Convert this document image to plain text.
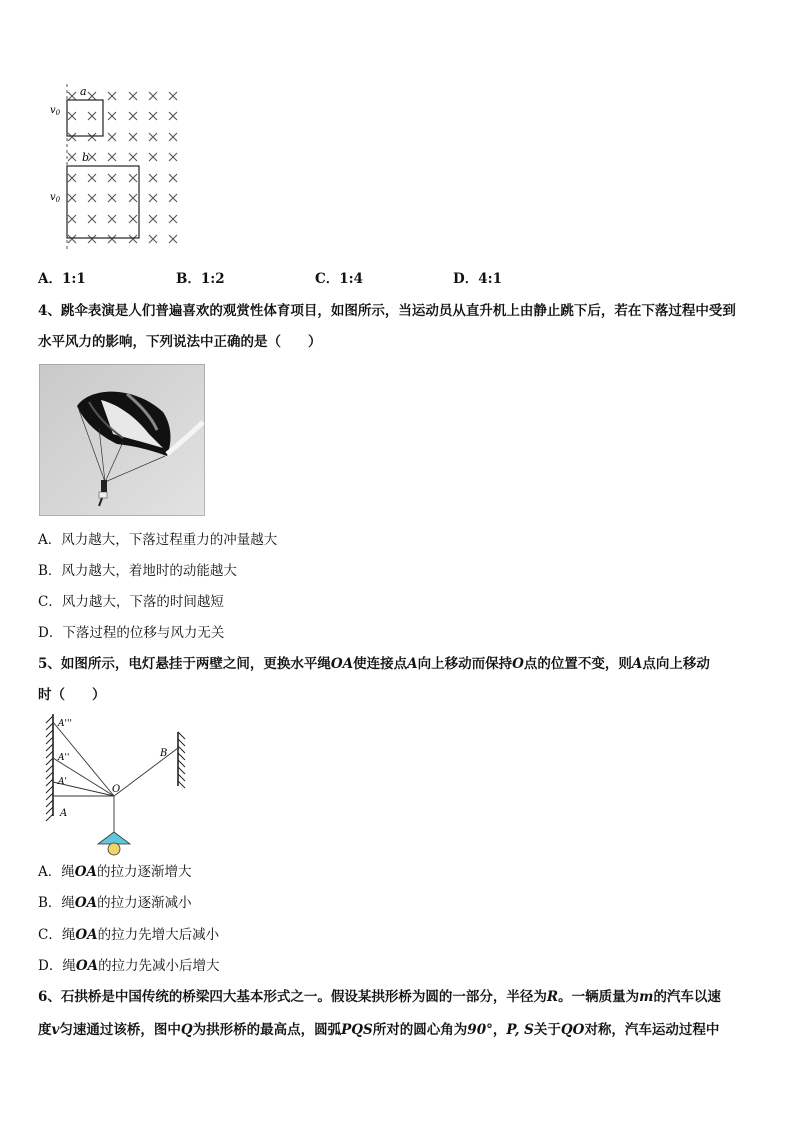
a
b
$v_0$
$v_0$
A．1:1	B．1:2	C．1:4	D．4:1
4、跳伞表演是人们普遍喜欢的观赏性体育项目，如图所示，当运动员从直升机上由静止跳下后，若在下落过程中受到
水平风力的影响，下列说法中正确的是（　　）
A．风力越大，下落过程重力的冲量越大
B．风力越大，着地时的动能越大
C．风力越大，下落的时间越短
D．下落过程的位移与风力无关
5、如图所示，电灯悬挂于两壁之间，更换水平绳OA使连接点A向上移动而保持O点的位置不变，则A点向上移动
时（　　）
A'''
A''
A'
A
O
B
A．绳OA的拉力逐渐增大
B．绳OA的拉力逐渐减小
C．绳OA的拉力先增大后减小
D．绳OA的拉力先减小后增大
6、石拱桥是中国传统的桥梁四大基本形式之一。假设某拱形桥为圆的一部分，半径为R。一辆质量为m的汽车以速
度v匀速通过该桥，图中Q为拱形桥的最高点，圆弧PQS所对的圆心角为90°，P, S关于QO对称，汽车运动过程中
